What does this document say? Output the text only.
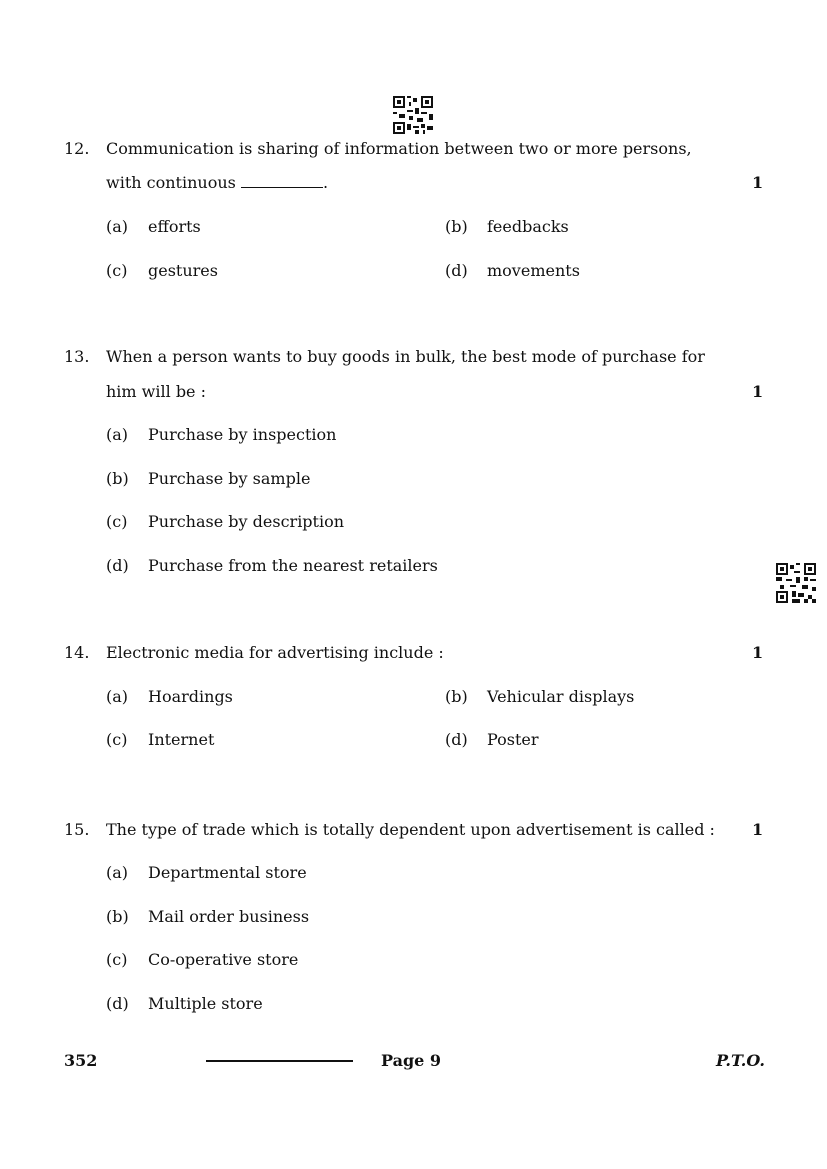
12. Communication is sharing of information between two or more persons,
with continuous	.	1
(a) efforts	(b) feedbacks
(c) gestures	(d) movements
13. When a person wants to buy goods in bulk, the best mode of purchase for
him will be :	1
(a) Purchase by inspection
(b) Purchase by sample
(c) Purchase by description
(d) Purchase from the nearest retailers
14. Electronic media for advertising include :	1
(a) Hoardings	(b) Vehicular displays
(c) Internet	(d) Poster
15. The type of trade which is totally dependent upon advertisement is called : 1
(a) Departmental store
(b) Mail order business
(c) Co-operative store
(d) Multiple store
352	Page 9	P.T.O.
